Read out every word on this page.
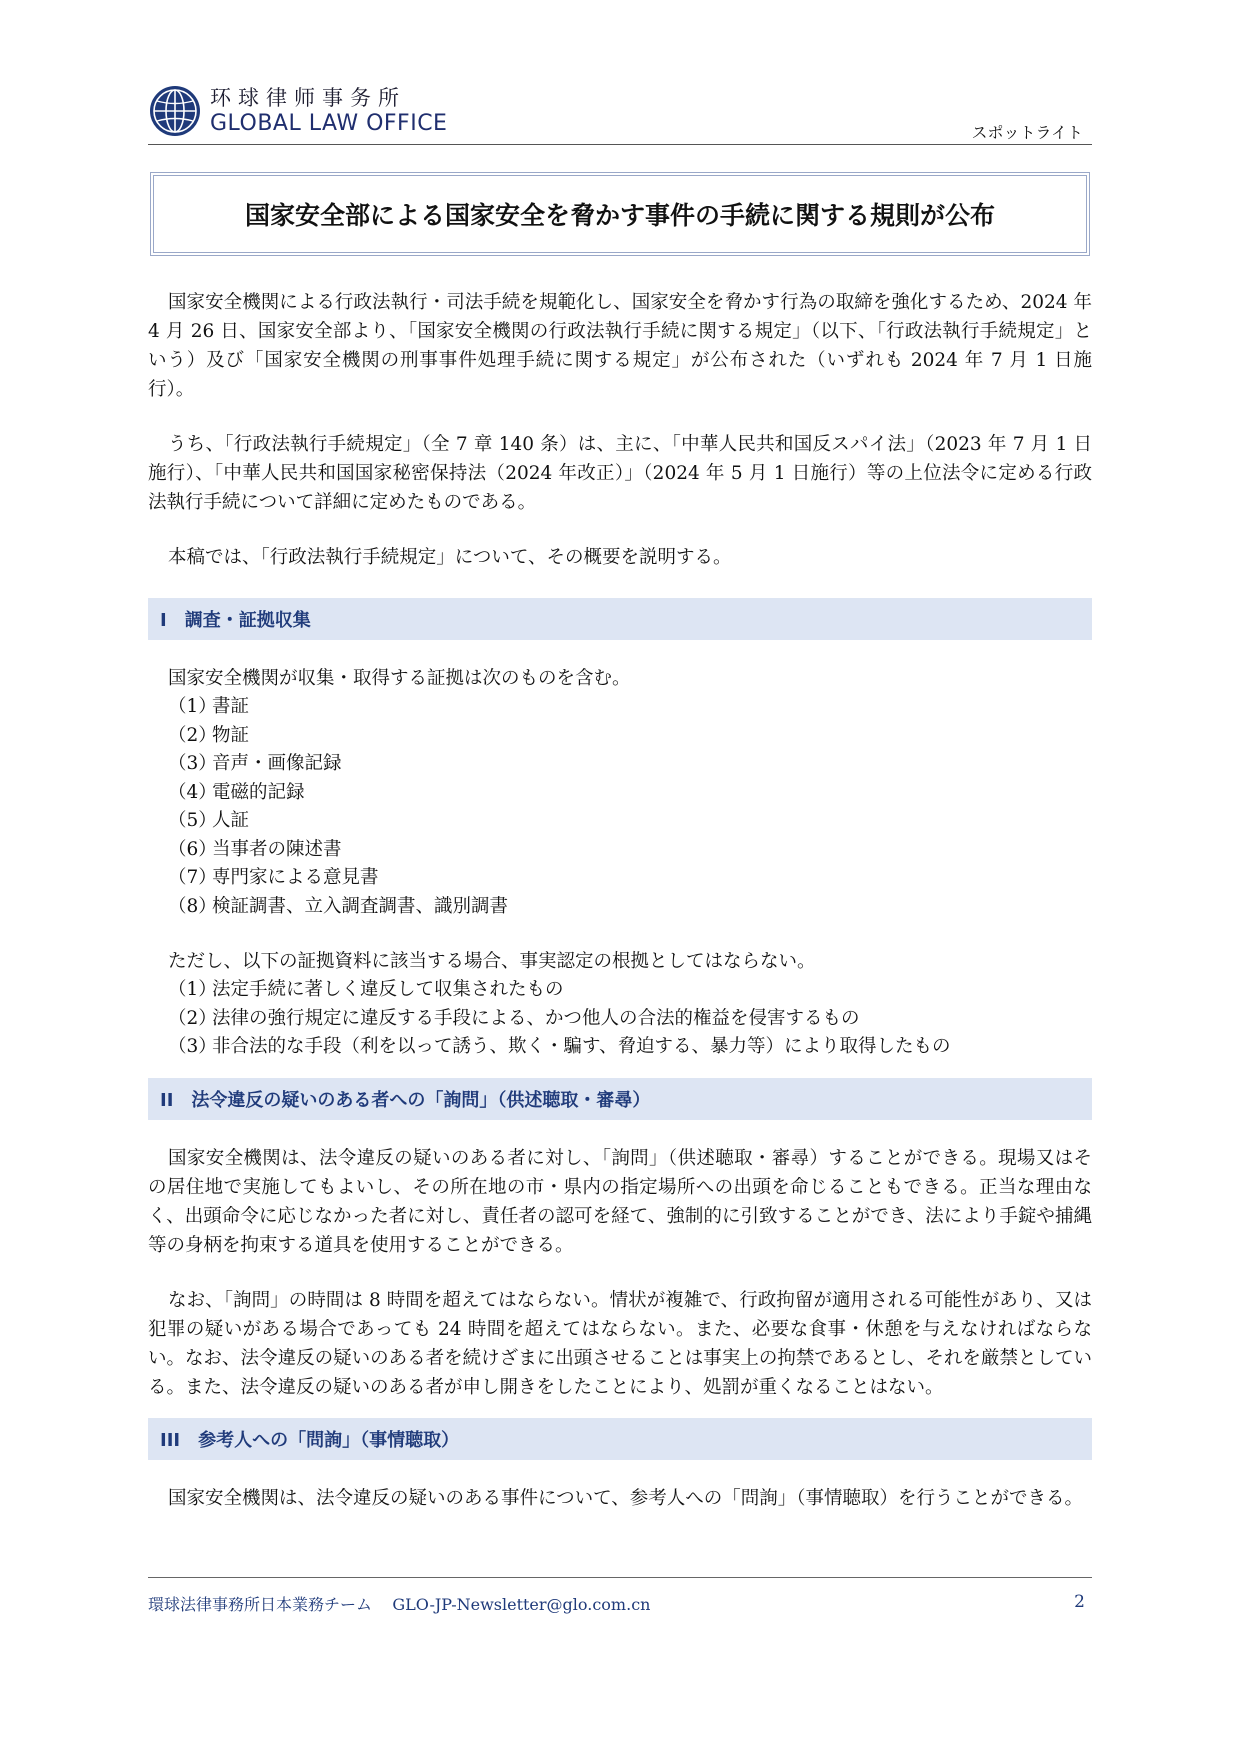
环球律师事务所
GLOBAL LAW OFFICE	スポットライト
国家安全部による国家安全を脅かす事件の手続に関する規則が公布

国家安全機関による行政法執行・司法手続を規範化し、国家安全を脅かす行為の取締を強化するため、2024 年 4 月 26 日、国家安全部より、「国家安全機関の行政法執行手続に関する規定」（以下、「行政法執行手続規定」という）及び「国家安全機関の刑事事件処理手続に関する規定」が公布された（いずれも 2024 年 7 月 1 日施行）。

うち、「行政法執行手続規定」（全 7 章 140 条）は、主に、「中華人民共和国反スパイ法」（2023 年 7 月 1 日施行）、「中華人民共和国国家秘密保持法（2024 年改正）」（2024 年 5 月 1 日施行）等の上位法令に定める行政法執行手続について詳細に定めたものである。

本稿では、「行政法執行手続規定」について、その概要を説明する。

I　調査・証拠収集

国家安全機関が収集・取得する証拠は次のものを含む。

（1）書証
（2）物証
（3）音声・画像記録
（4）電磁的記録
（5）人証
（6）当事者の陳述書
（7）専門家による意見書
（8）検証調書、立入調査調書、識別調書

ただし、以下の証拠資料に該当する場合、事実認定の根拠としてはならない。

（1）法定手続に著しく違反して収集されたもの
（2）法律の強行規定に違反する手段による、かつ他人の合法的権益を侵害するもの
（3）非合法的な手段（利を以って誘う、欺く・騙す、脅迫する、暴力等）により取得したもの
II　法令違反の疑いのある者への「詢問」（供述聴取・審尋）

国家安全機関は、法令違反の疑いのある者に対し、「詢問」（供述聴取・審尋）することができる。現場又はその居住地で実施してもよいし、その所在地の市・県内の指定場所への出頭を命じることもできる。正当な理由なく、出頭命令に応じなかった者に対し、責任者の認可を経て、強制的に引致することができ、法により手錠や捕縄等の身柄を拘束する道具を使用することができる。

なお、「詢問」の時間は 8 時間を超えてはならない。情状が複雑で、行政拘留が適用される可能性があり、又は犯罪の疑いがある場合であっても 24 時間を超えてはならない。また、必要な食事・休憩を与えなければならない。なお、法令違反の疑いのある者を続けざまに出頭させることは事実上の拘禁であるとし、それを厳禁としている。また、法令違反の疑いのある者が申し開きをしたことにより、処罰が重くなることはない。

III　参考人への「問詢」（事情聴取）

国家安全機関は、法令違反の疑いのある事件について、参考人への「問詢」（事情聴取）を行うことができる。

環球法律事務所日本業務チーム GLO-JP-Newsletter@glo.com.cn	2
